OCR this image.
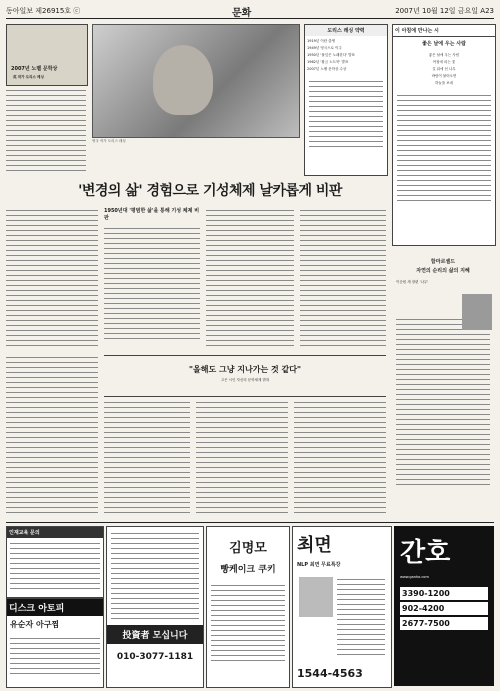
동아일보 제26915호 ⓒ	문화	2007년 10월 12일 금요일 A23
2007년 노벨 문학상
英 작가 도리스 레싱
영국 작가 도리스 레싱
도리스 레싱 약력
1919년 이란 출생
1949년 영국으로 이주
1950년 '풀잎은 노래한다' 발표
1962년 '황금 노트북' 발표
2007년 노벨 문학상 수상
이 아침에 만나는 시
좋은 날에 우는 사람
좋은 날에 우는 사람
아침에 피는 꽃
길 위에 선 나무
바람이 불어오면
하늘을 보네
'변경의 삶' 경험으로 기성체제 날카롭게 비판
1950년대 '평범한 삶'을 통해 기성 체제 비판
"올해도 그냥 지나가는 것 같다"
고은 시인 자신의 문학세계 밝혀
함마르셸드
자연의 순리의 삶의 지혜
이순원 새 장편 '나무'
인재교육 문의
디스크 아토피
유순자 아구찜
投資者 모십니다
010-3077-1181
김명모
빵케이크 쿠키
최면
NLP 최면 무료특강
1544-4563
간호
www.ganho.com
3390-1200
902-4200
2677-7500
